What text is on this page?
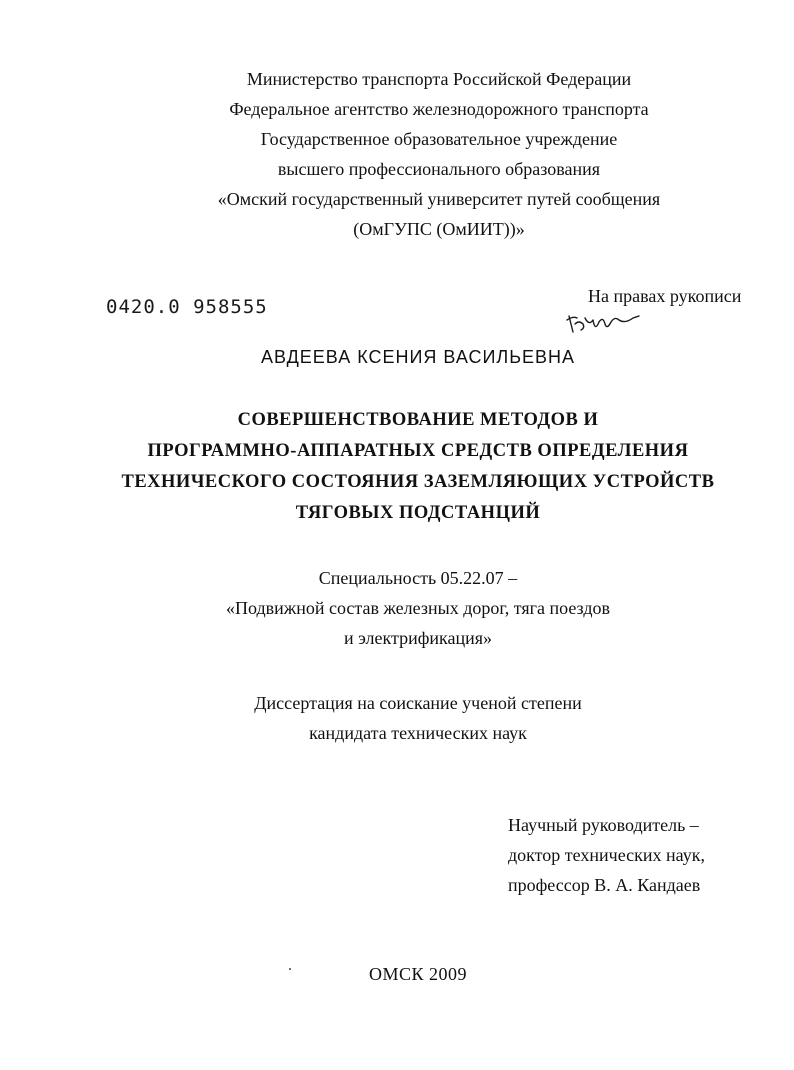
Министерство транспорта Российской Федерации
Федеральное агентство железнодорожного транспорта
Государственное образовательное учреждение
высшего профессионального образования
«Омский государственный университет путей сообщения
(ОмГУПС (ОмИИТ))»
0420.0 958555	На правах рукописи
АВДЕЕВА КСЕНИЯ ВАСИЛЬЕВНА
СОВЕРШЕНСТВОВАНИЕ МЕТОДОВ И
ПРОГРАММНО-АППАРАТНЫХ СРЕДСТВ ОПРЕДЕЛЕНИЯ
ТЕХНИЧЕСКОГО СОСТОЯНИЯ ЗАЗЕМЛЯЮЩИХ УСТРОЙСТВ
ТЯГОВЫХ ПОДСТАНЦИЙ
Специальность 05.22.07 –
«Подвижной состав железных дорог, тяга поездов
и электрификация»
Диссертация на соискание ученой степени
кандидата технических наук
Научный руководитель –
доктор технических наук,
профессор В. А. Кандаев
ОМСК 2009
